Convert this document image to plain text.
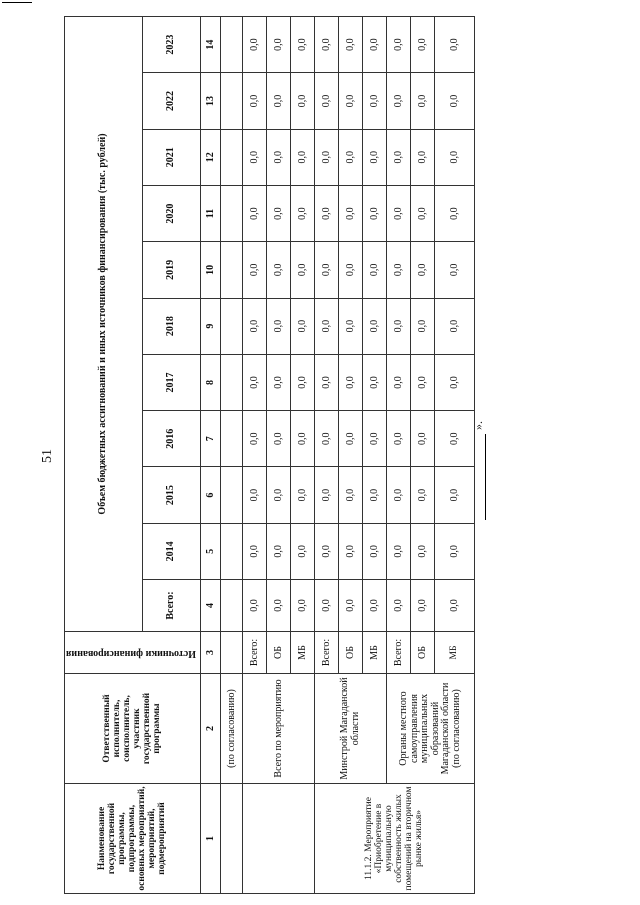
51
Наименование государственной программы, подпрограммы, основных мероприятий, мероприятий, подмероприятий	Ответственный исполнитель, соисполнитель, участник государственной программы	Источники финансирования	Объем бюджетных ассигнований и иных источников финансирования (тыс. рублей)										
			Всего:	2014	2015	2016	2017	2018	2019	2020	2021	2022	2023
1	2	3	4	5	6	7	8	9	10	11	12	13	14
	(по согласованию)												
	Всего по мероприятию	Всего:	0,0	0,0	0,0	0,0	0,0	0,0	0,0	0,0	0,0	0,0	0,0
		ОБ	0,0	0,0	0,0	0,0	0,0	0,0	0,0	0,0	0,0	0,0	0,0
		МБ	0,0	0,0	0,0	0,0	0,0	0,0	0,0	0,0	0,0	0,0	0,0
11.1.2. Мероприятие «Приобретение в муниципальную собственность жилых помещений на вторичном рынке жилья»	Минстрой Магаданской области	Всего:	0,0	0,0	0,0	0,0	0,0	0,0	0,0	0,0	0,0	0,0	0,0
		ОБ	0,0	0,0	0,0	0,0	0,0	0,0	0,0	0,0	0,0	0,0	0,0
		МБ	0,0	0,0	0,0	0,0	0,0	0,0	0,0	0,0	0,0	0,0	0,0
	Органы местного самоуправления муниципальных образований Магаданской области (по согласованию)	Всего:	0,0	0,0	0,0	0,0	0,0	0,0	0,0	0,0	0,0	0,0	0,0
		ОБ	0,0	0,0	0,0	0,0	0,0	0,0	0,0	0,0	0,0	0,0	0,0
		МБ	0,0	0,0	0,0	0,0	0,0	0,0	0,0	0,0	0,0	0,0	0,0
».
